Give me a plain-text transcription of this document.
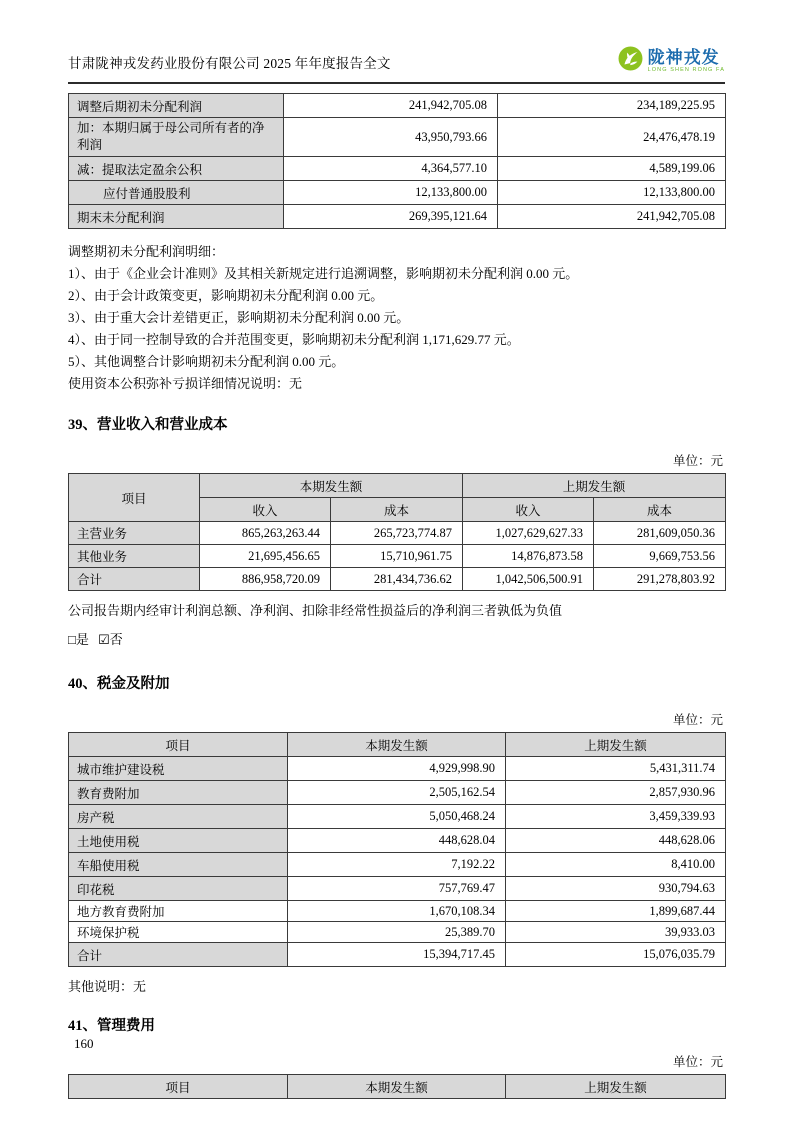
甘肃陇神戎发药业股份有限公司 2025 年年度报告全文	陇神戎发
LONG SHEN RONG FA
调整后期初未分配利润	241,942,705.08	234,189,225.95
加：本期归属于母公司所有者的净利润	43,950,793.66	24,476,478.19
减：提取法定盈余公积	4,364,577.10	4,589,199.06
应付普通股股利	12,133,800.00	12,133,800.00
期末未分配利润	269,395,121.64	241,942,705.08

调整期初未分配利润明细：

1）、由于《企业会计准则》及其相关新规定进行追溯调整，影响期初未分配利润 0.00 元。

2）、由于会计政策变更，影响期初未分配利润 0.00 元。

3）、由于重大会计差错更正，影响期初未分配利润 0.00 元。

4）、由于同一控制导致的合并范围变更，影响期初未分配利润 1,171,629.77 元。

5）、其他调整合计影响期初未分配利润 0.00 元。

使用资本公积弥补亏损详细情况说明：无

39、营业收入和营业成本
单位：元
项目	本期发生额		上期发生额	
	收入	成本	收入	成本
主营业务	865,263,263.44	265,723,774.87	1,027,629,627.33	281,609,050.36
其他业务	21,695,456.65	15,710,961.75	14,876,873.58	9,669,753.56
合计	886,958,720.09	281,434,736.62	1,042,506,500.91	291,278,803.92
公司报告期内经审计利润总额、净利润、扣除非经常性损益后的净利润三者孰低为负值
□是 ☑否
40、税金及附加
单位：元
项目	本期发生额	上期发生额
城市维护建设税	4,929,998.90	5,431,311.74
教育费附加	2,505,162.54	2,857,930.96
房产税	5,050,468.24	3,459,339.93
土地使用税	448,628.04	448,628.06
车船使用税	7,192.22	8,410.00
印花税	757,769.47	930,794.63
地方教育费附加	1,670,108.34	1,899,687.44
环境保护税	25,389.70	39,933.03
合计	15,394,717.45	15,076,035.79
其他说明：无
41、管理费用
单位：元
项目	本期发生额	上期发生额
160
